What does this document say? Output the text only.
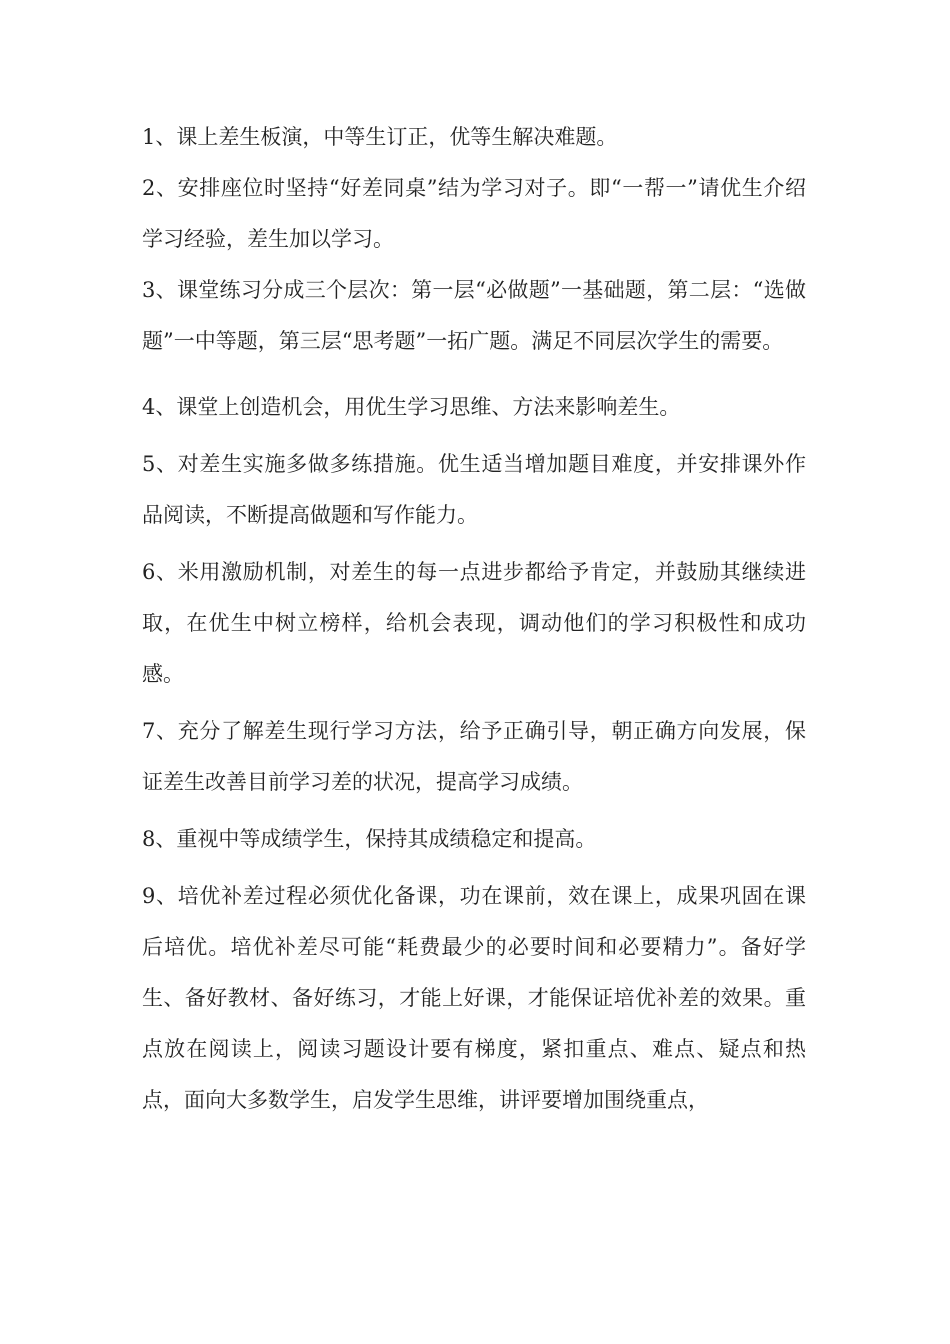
1、课上差生板演，中等生订正，优等生解决难题。

2、安排座位时坚持“好差同桌”结为学习对子。即“一帮一”请优生介绍学习经验，差生加以学习。

3、课堂练习分成三个层次：第一层“必做题”一基础题，第二层：“选做题”一中等题，第三层“思考题”一拓广题。满足不同层次学生的需要。

4、课堂上创造机会，用优生学习思维、方法来影响差生。

5、对差生实施多做多练措施。优生适当增加题目难度，并安排课外作品阅读，不断提高做题和写作能力。

6、米用激励机制，对差生的每一点进步都给予肯定，并鼓励其继续进取，在优生中树立榜样，给机会表现，调动他们的学习积极性和成功感。

7、充分了解差生现行学习方法，给予正确引导，朝正确方向发展，保证差生改善目前学习差的状况，提高学习成绩。

8、重视中等成绩学生，保持其成绩稳定和提高。

9、培优补差过程必须优化备课，功在课前，效在课上，成果巩固在课后培优。培优补差尽可能“耗费最少的必要时间和必要精力”。备好学生、备好教材、备好练习，才能上好课，才能保证培优补差的效果。重点放在阅读上，阅读习题设计要有梯度，紧扣重点、难点、疑点和热点，面向大多数学生，启发学生思维，讲评要增加围绕重点，
